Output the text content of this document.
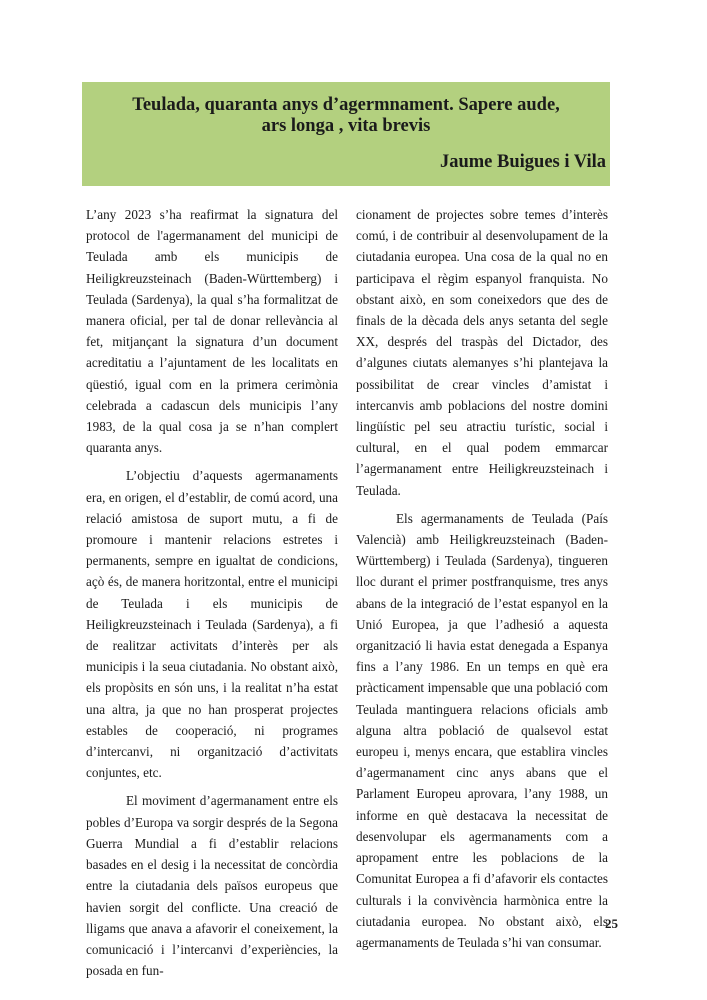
Teulada, quaranta anys d’agermnament. Sapere aude,
ars longa , vita brevis
Jaume Buigues i Vila

L’any 2023 s’ha reafirmat la signatura del protocol de l'agermanament del municipi de Teulada amb els municipis de Heiligkreuzsteinach (Baden-Württemberg) i Teulada (Sardenya), la qual s’ha formalitzat de manera oficial, per tal de donar rellevància al fet, mitjançant la signatura d’un document acreditatiu a l’ajuntament de les localitats en qüestió, igual com en la primera cerimònia celebrada a cadascun dels municipis l’any 1983, de la qual cosa ja se n’han complert quaranta anys.

L’objectiu d’aquests agermanaments era, en origen, el d’establir, de comú acord, una relació amistosa de suport mutu, a fi de promoure i mantenir relacions estretes i permanents, sempre en igualtat de condicions, açò és, de manera horitzontal, entre el municipi de Teulada i els municipis de Heiligkreuzsteinach i Teulada (Sardenya), a fi de realitzar activitats d’interès per als municipis i la seua ciutadania. No obstant això, els propòsits en són uns, i la realitat n’ha estat una altra, ja que no han prosperat projectes estables de cooperació, ni programes d’intercanvi, ni organització d’activitats conjuntes, etc.

El moviment d’agermanament entre els pobles d’Europa va sorgir després de la Segona Guerra Mundial a fi d’establir relacions basades en el desig i la necessitat de concòrdia entre la ciutadania dels països europeus que havien sorgit del conflicte. Una creació de lligams que anava a afavorir el coneixement, la comunicació i l’intercanvi d’experiències, la posada en fun-

cionament de projectes sobre temes d’interès comú, i de contribuir al desenvolupament de la ciutadania europea. Una cosa de la qual no en participava el règim espanyol franquista. No obstant això, en som coneixedors que des de finals de la dècada dels anys setanta del segle XX, després del traspàs del Dictador, des d’algunes ciutats alemanyes s’hi plantejava la possibilitat de crear vincles d’amistat i intercanvis amb poblacions del nostre domini lingüístic pel seu atractiu turístic, social i cultural, en el qual podem emmarcar l’agermanament entre Heiligkreuzsteinach i Teulada.

Els agermanaments de Teulada (País Valencià) amb Heiligkreuzsteinach (Baden-Württemberg) i Teulada (Sardenya), tingueren lloc durant el primer postfranquisme, tres anys abans de la integració de l’estat espanyol en la Unió Europea, ja que l’adhesió a aquesta organització li havia estat denegada a Espanya fins a l’any 1986. En un temps en què era pràcticament impensable que una població com Teulada mantinguera relacions oficials amb alguna altra població de qualsevol estat europeu i, menys encara, que establira vincles d’agermanament cinc anys abans que el Parlament Europeu aprovara, l’any 1988, un informe en què destacava la necessitat de desenvolupar els agermanaments com a apropament entre les poblacions de la Comunitat Europea a fi d’afavorir els contactes culturals i la convivència harmònica entre la ciutadania europea. No obstant això, els agermanaments de Teulada s’hi van consumar.

25
